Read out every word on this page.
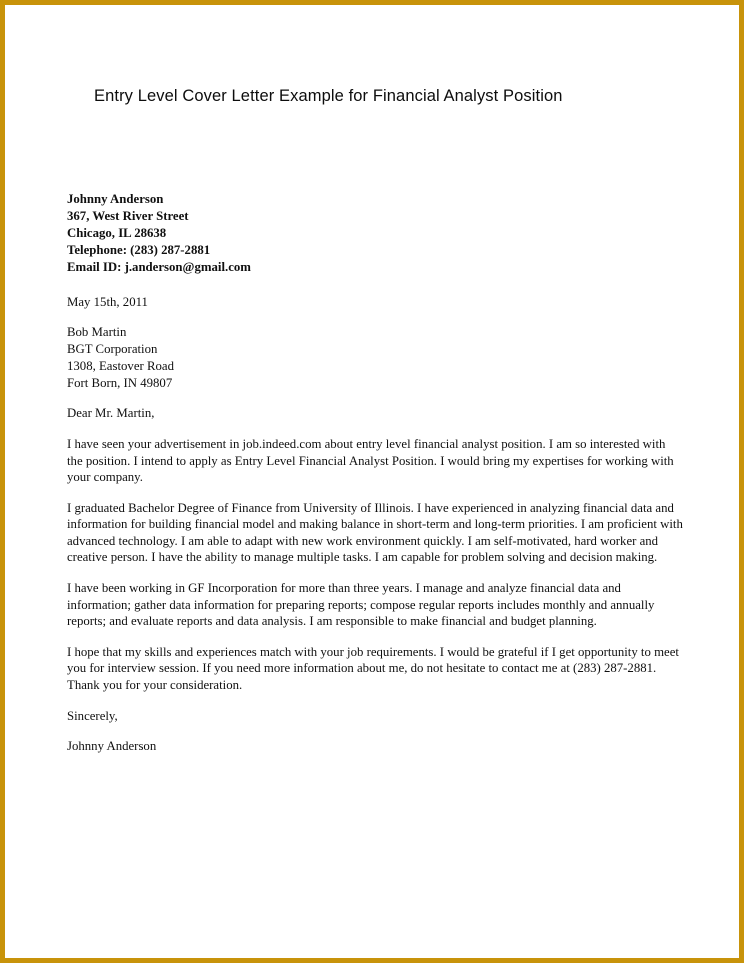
Entry Level Cover Letter Example for Financial Analyst Position
Johnny Anderson
367, West River Street
Chicago, IL 28638
Telephone: (283) 287-2881
Email ID: j.anderson@gmail.com
May 15th, 2011
Bob Martin
BGT Corporation
1308, Eastover Road
Fort Born, IN 49807
Dear Mr. Martin,

I have seen your advertisement in job.indeed.com about entry level financial analyst position. I am so interested with the position. I intend to apply as Entry Level Financial Analyst Position. I would bring my expertises for working with your company.

I graduated Bachelor Degree of Finance from University of Illinois. I have experienced in analyzing financial data and information for building financial model and making balance in short-term and long-term priorities. I am proficient with advanced technology. I am able to adapt with new work environment quickly. I am self-motivated, hard worker and creative person. I have the ability to manage multiple tasks. I am capable for problem solving and decision making.

I have been working in GF Incorporation for more than three years. I manage and analyze financial data and information; gather data information for preparing reports; compose regular reports includes monthly and annually reports; and evaluate reports and data analysis. I am responsible to make financial and budget planning.

I hope that my skills and experiences match with your job requirements. I would be grateful if I get opportunity to meet you for interview session. If you need more information about me, do not hesitate to contact me at (283) 287-2881. Thank you for your consideration.

Sincerely,
Johnny Anderson
